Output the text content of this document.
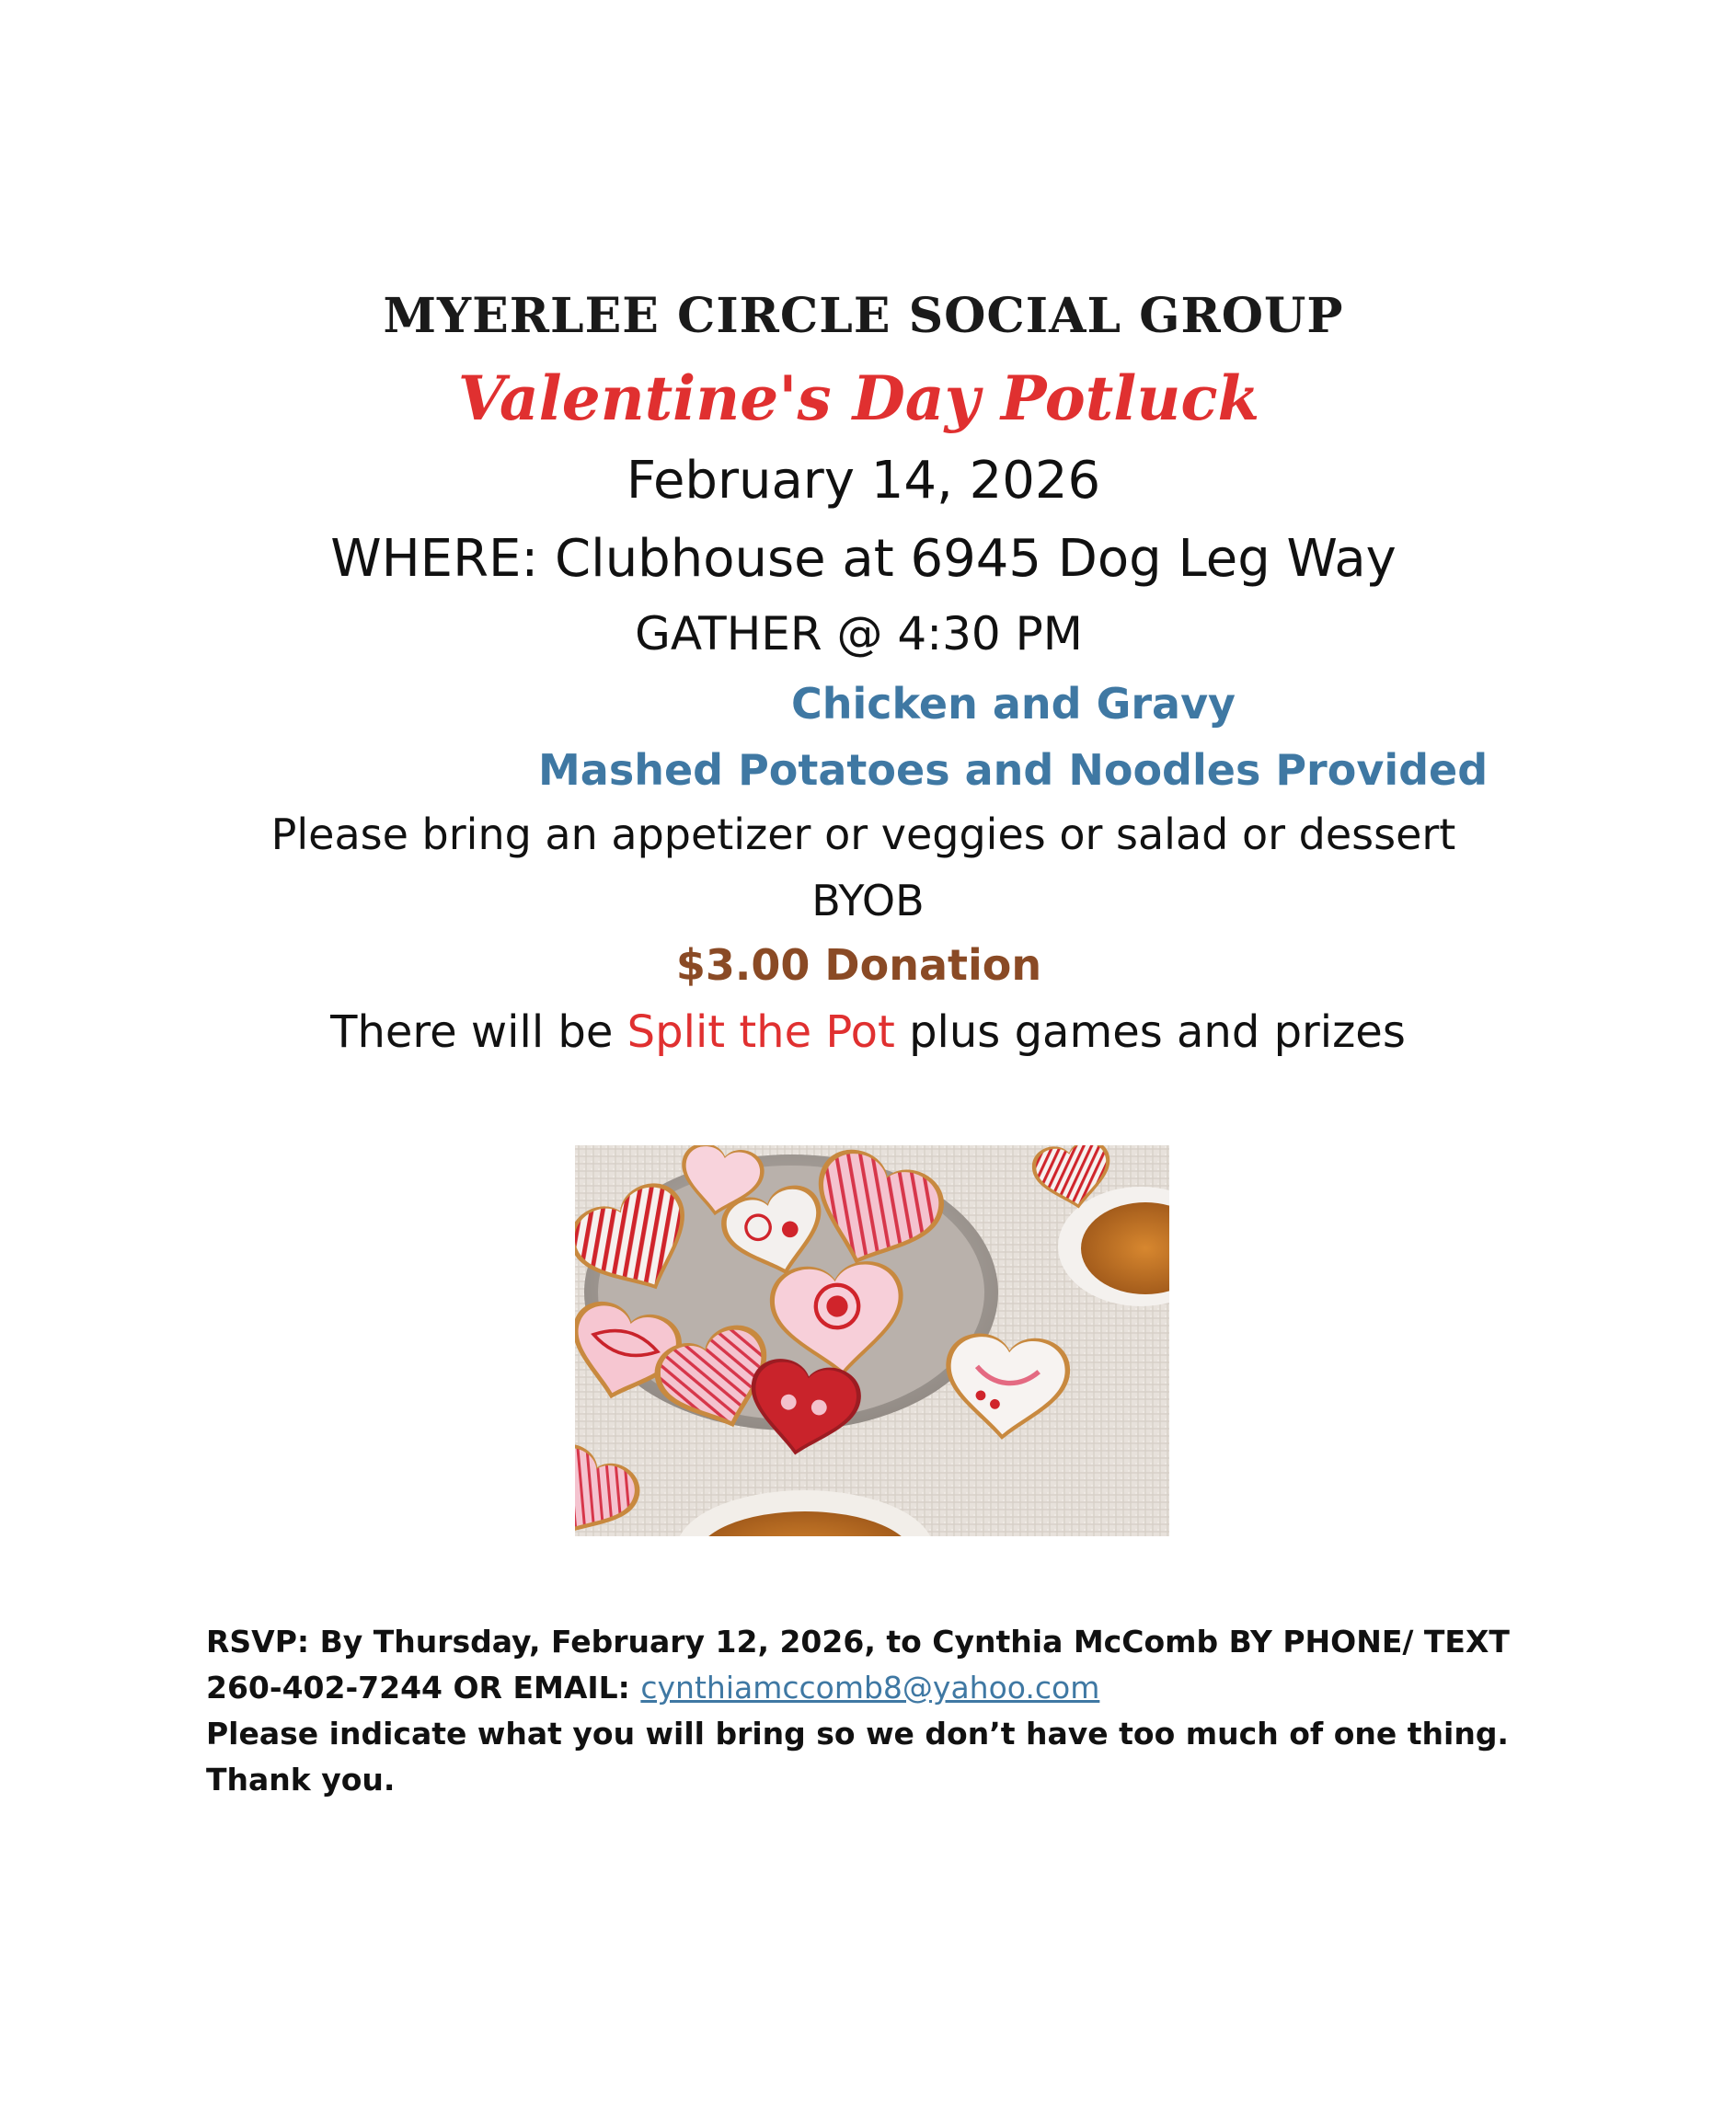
MYERLEE CIRCLE SOCIAL GROUP
Valentine's Day Potluck
February 14, 2026
WHERE: Clubhouse at 6945 Dog Leg Way
GATHER @ 4:30 PM
Chicken and Gravy
Mashed Potatoes and Noodles Provided
Please bring an appetizer or veggies or salad or dessert
BYOB
$3.00 Donation
There will be Split the Pot plus games and prizes
RSVP: By Thursday, February 12, 2026, to Cynthia McComb BY PHONE/ TEXT
260-402-7244 OR EMAIL: cynthiamccomb8@yahoo.com
Please indicate what you will bring so we don’t have too much of one thing.
Thank you.
